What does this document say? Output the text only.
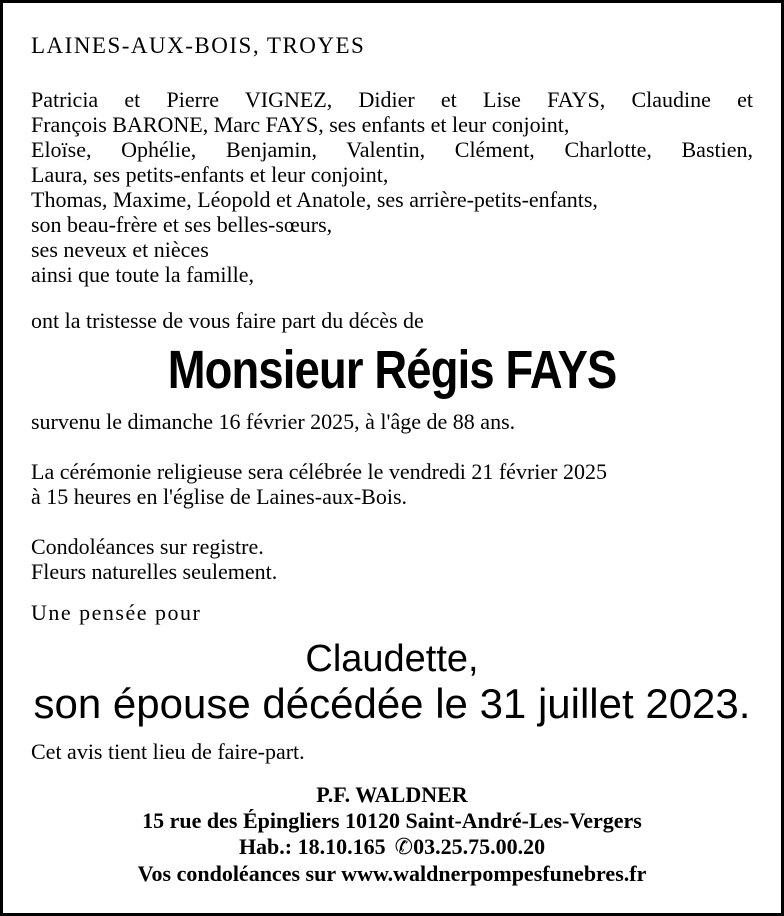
LAINES-AUX-BOIS, TROYES
Patricia et Pierre VIGNEZ, Didier et Lise FAYS, Claudine et
François BARONE, Marc FAYS, ses enfants et leur conjoint,
Eloïse, Ophélie, Benjamin, Valentin, Clément, Charlotte, Bastien,
Laura, ses petits-enfants et leur conjoint,
Thomas, Maxime, Léopold et Anatole, ses arrière-petits-enfants,
son beau-frère et ses belles-sœurs,
ses neveux et nièces
ainsi que toute la famille,
ont la tristesse de vous faire part du décès de
Monsieur Régis FAYS
survenu le dimanche 16 février 2025, à l'âge de 88 ans.
La cérémonie religieuse sera célébrée le vendredi 21 février 2025
à 15 heures en l'église de Laines-aux-Bois.
Condoléances sur registre.
Fleurs naturelles seulement.
Une pensée pour
Claudette,
son épouse décédée le 31 juillet 2023.
Cet avis tient lieu de faire-part.
P.F. WALDNER
15 rue des Épingliers 10120 Saint-André-Les-Vergers
Hab.: 18.10.165 ✆03.25.75.00.20
Vos condoléances sur www.waldnerpompesfunebres.fr
